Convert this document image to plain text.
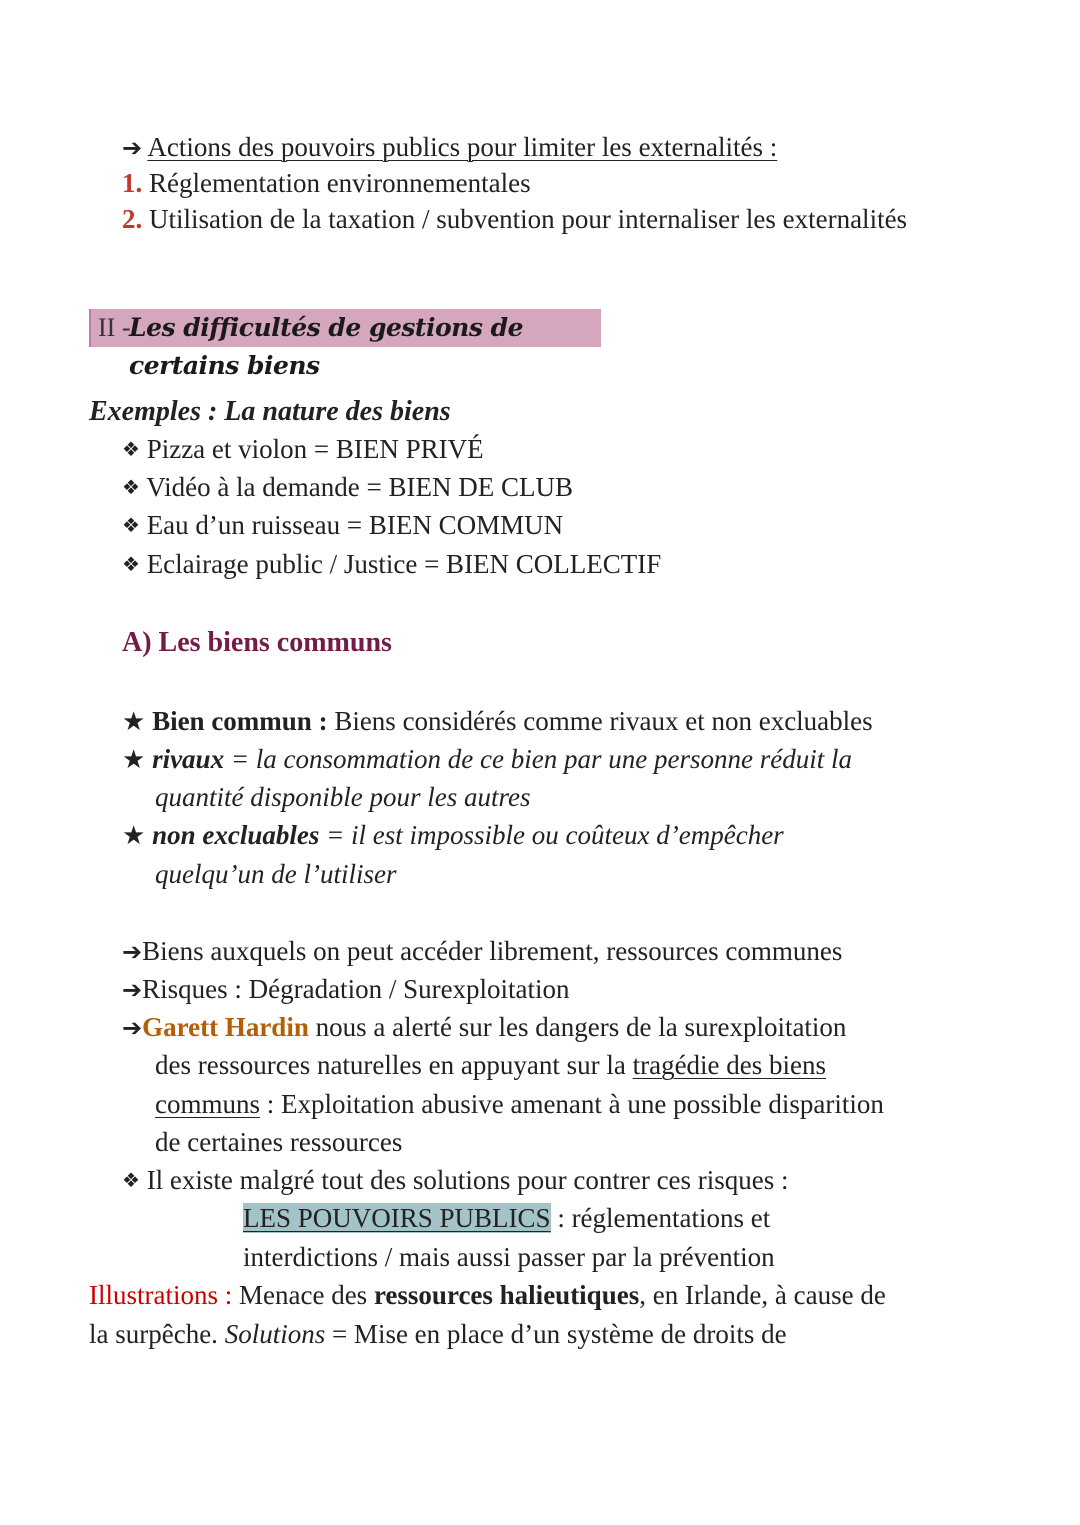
➔ Actions des pouvoirs publics pour limiter les externalités :
1. Réglementation environnementales
2. Utilisation de la taxation / subvention pour internaliser les externalités
II -
Les difficultés de gestions de certains biens
Exemples : La nature des biens
❖ Pizza et violon = BIEN PRIVÉ
❖ Vidéo à la demande = BIEN DE CLUB
❖ Eau d’un ruisseau = BIEN COMMUN
❖ Eclairage public / Justice = BIEN COLLECTIF
A) Les biens communs
★ Bien commun : Biens considérés comme rivaux et non excluables
★ rivaux = la consommation de ce bien par une personne réduit la
quantité disponible pour les autres
★ non excluables = il est impossible ou coûteux d’empêcher
quelqu’un de l’utiliser
➔Biens auxquels on peut accéder librement, ressources communes
➔Risques : Dégradation / Surexploitation
➔Garett Hardin nous a alerté sur les dangers de la surexploitation
des ressources naturelles en appuyant sur la tragédie des biens
communs : Exploitation abusive amenant à une possible disparition
de certaines ressources
❖ Il existe malgré tout des solutions pour contrer ces risques :
LES POUVOIRS PUBLICS : réglementations et
interdictions / mais aussi passer par la prévention
Illustrations : Menace des ressources halieutiques, en Irlande, à cause de
la surpêche. Solutions = Mise en place d’un système de droits de
